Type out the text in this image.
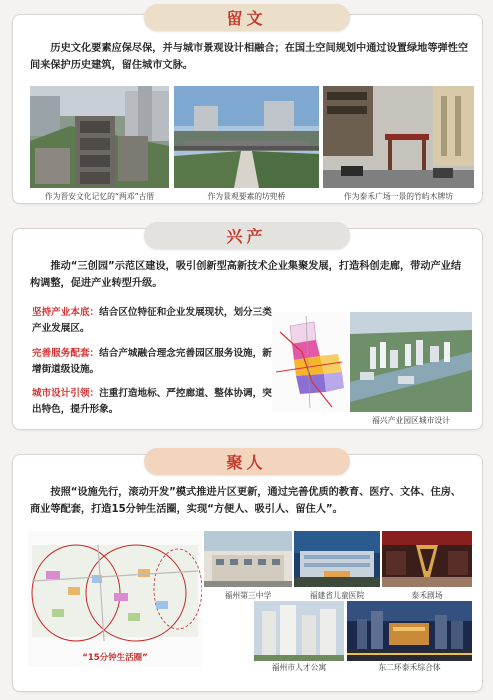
留文
历史文化要素应保尽保，并与城市景观设计相融合；在国土空间规划中通过设置绿地等弹性空间来保护历史建筑，留住城市文脉。
作为晋安文化记忆的“两邓”古厝	作为景观要素的坊兜桥	作为泰禾广场一景的竹屿木牌坊
兴产
推动“三创园”示范区建设，吸引创新型高新技术企业集聚发展，打造科创走廊，带动产业结构调整，促进产业转型升级。
坚持产业本底：结合区位特征和企业发展现状，划分三类产业发展区。
完善服务配套：结合产城融合理念完善园区服务设施，新增街道级设施。
城市设计引领：注重打造地标、严控廊道、整体协调，突出特色，提升形象。
福兴产业园区城市设计
聚人
按照“设施先行，滚动开发”模式推进片区更新，通过完善优质的教育、医疗、文体、住房、商业等配套，打造15分钟生活圈，实现“方便人、吸引人、留住人”。
“15分钟生活圈”
福州第三中学	福建省儿童医院	泰禾剧场
福州市人才公寓	东二环泰禾综合体
